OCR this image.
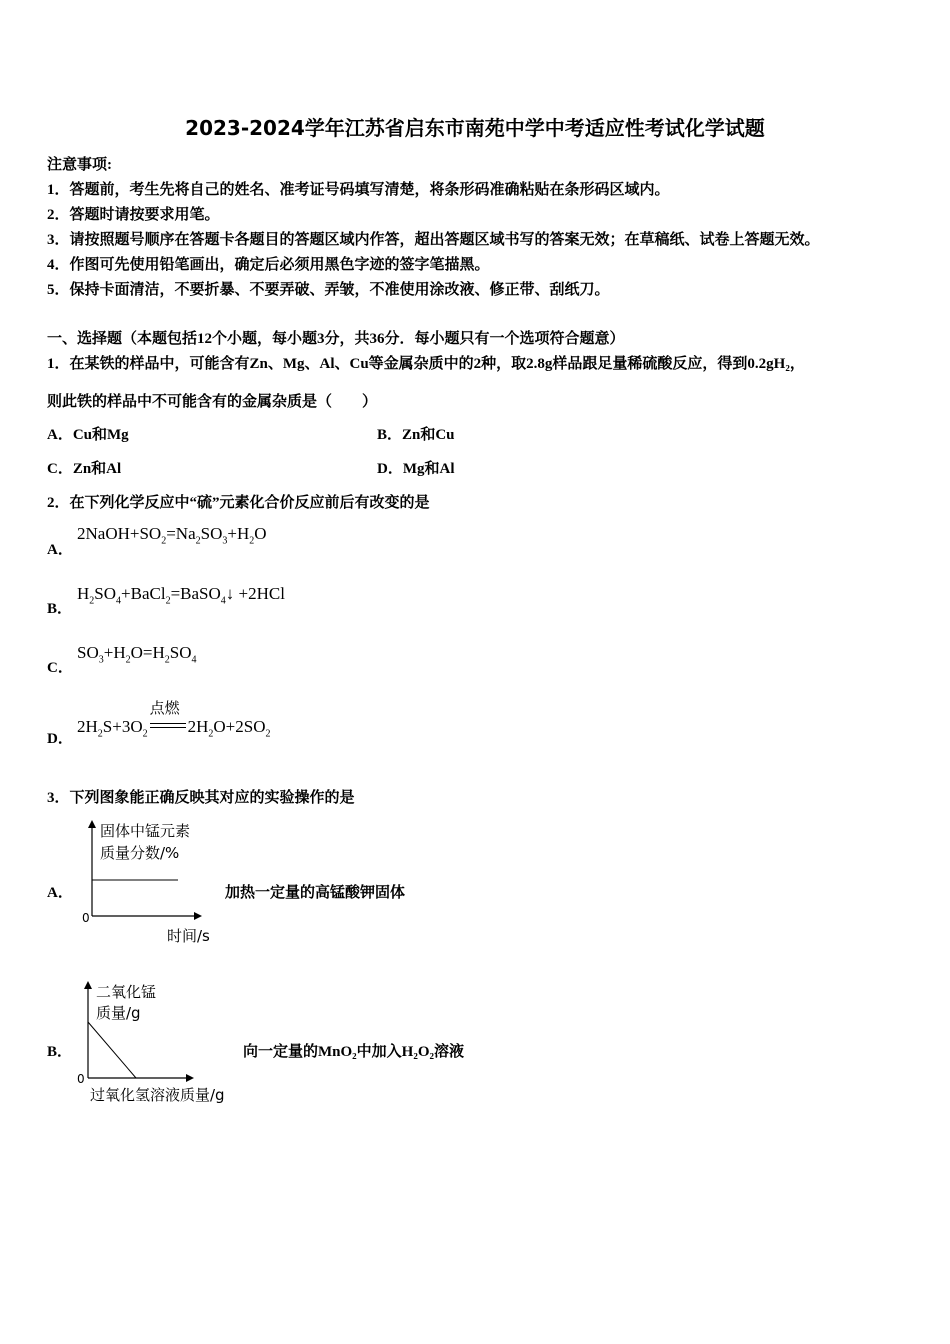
2023-2024学年江苏省启东市南苑中学中考适应性考试化学试题
注意事项:
1．答题前，考生先将自己的姓名、准考证号码填写清楚，将条形码准确粘贴在条形码区域内。
2．答题时请按要求用笔。
3．请按照题号顺序在答题卡各题目的答题区域内作答，超出答题区域书写的答案无效；在草稿纸、试卷上答题无效。
4．作图可先使用铅笔画出，确定后必须用黑色字迹的签字笔描黑。
5．保持卡面清洁，不要折暴、不要弄破、弄皱，不准使用涂改液、修正带、刮纸刀。
一、选择题（本题包括12个小题，每小题3分，共36分．每小题只有一个选项符合题意）
1．在某铁的样品中，可能含有Zn、Mg、Al、Cu等金属杂质中的2种，取2.8g样品跟足量稀硫酸反应，得到0.2gH₂，
则此铁的样品中不可能含有的金属杂质是（　　）
A．Cu和Mg	B．Zn和Cu
C．Zn和Al	D．Mg和Al
2．在下列化学反应中“硫”元素化合价反应前后有改变的是
A．
$2NaOH+SO_2=Na_2SO_3+H_2O$
B．
$H_2SO_4+BaCl_2=BaSO_4↓ +2HCl$
C．
$SO_3+H_2O=H_2SO_4$
D．
$2H_2S+3O_2$
点燃
$2H_2O+2SO_2$
3．下列图象能正确反映其对应的实验操作的是
A．
固体中锰元素
质量分数/%
0
时间/s
加热一定量的高锰酸钾固体
B．
二氧化锰
质量/g
0
过氧化氢溶液质量/g
向一定量的MnO₂中加入H₂O₂溶液
